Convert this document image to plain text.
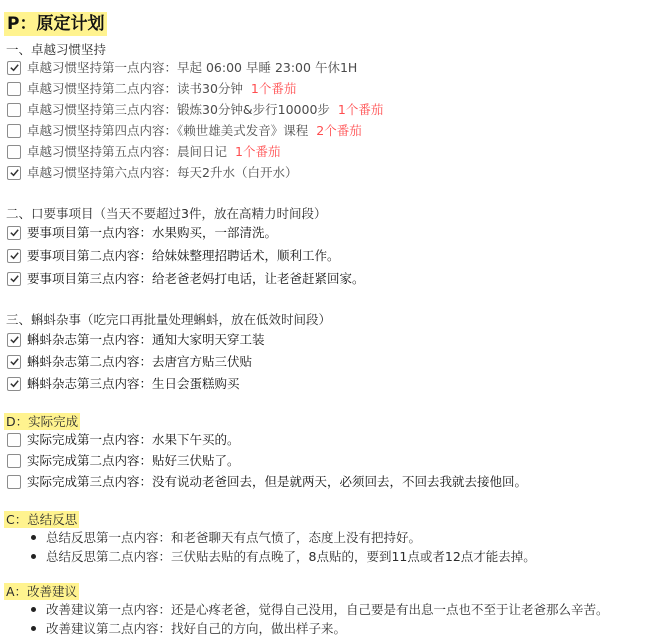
P：原定计划
一、卓越习惯坚持
卓越习惯坚持第一点内容：早起 06:00 早睡 23:00 午休1H
卓越习惯坚持第二点内容：读书30分钟 1个番茄
卓越习惯坚持第三点内容：锻炼30分钟&步行10000步 1个番茄
卓越习惯坚持第四点内容：《赖世雄美式发音》课程 2个番茄
卓越习惯坚持第五点内容：晨间日记 1个番茄
卓越习惯坚持第六点内容：每天2升水（白开水）
二、口要事项目（当天不要超过3件，放在高精力时间段）
要事项目第一点内容：水果购买，一部清洗。
要事项目第二点内容：给妹妹整理招聘话术，顺利工作。
要事项目第三点内容：给老爸老妈打电话，让老爸赶紧回家。
三、蝌蚪杂事（吃完口再批量处理蝌蚪，放在低效时间段）
蝌蚪杂志第一点内容：通知大家明天穿工装
蝌蚪杂志第二点内容：去唐宫方贴三伏贴
蝌蚪杂志第三点内容：生日会蛋糕购买
D：实际完成
实际完成第一点内容：水果下午买的。
实际完成第二点内容：贴好三伏贴了。
实际完成第三点内容：没有说动老爸回去，但是就两天，必须回去，不回去我就去接他回。
C：总结反思
总结反思第一点内容：和老爸聊天有点气愤了，态度上没有把持好。
总结反思第二点内容：三伏贴去贴的有点晚了，8点贴的，要到11点或者12点才能去掉。
A：改善建议
改善建议第一点内容：还是心疼老爸，觉得自己没用，自己要是有出息一点也不至于让老爸那么辛苦。
改善建议第二点内容：找好自己的方向，做出样子来。
